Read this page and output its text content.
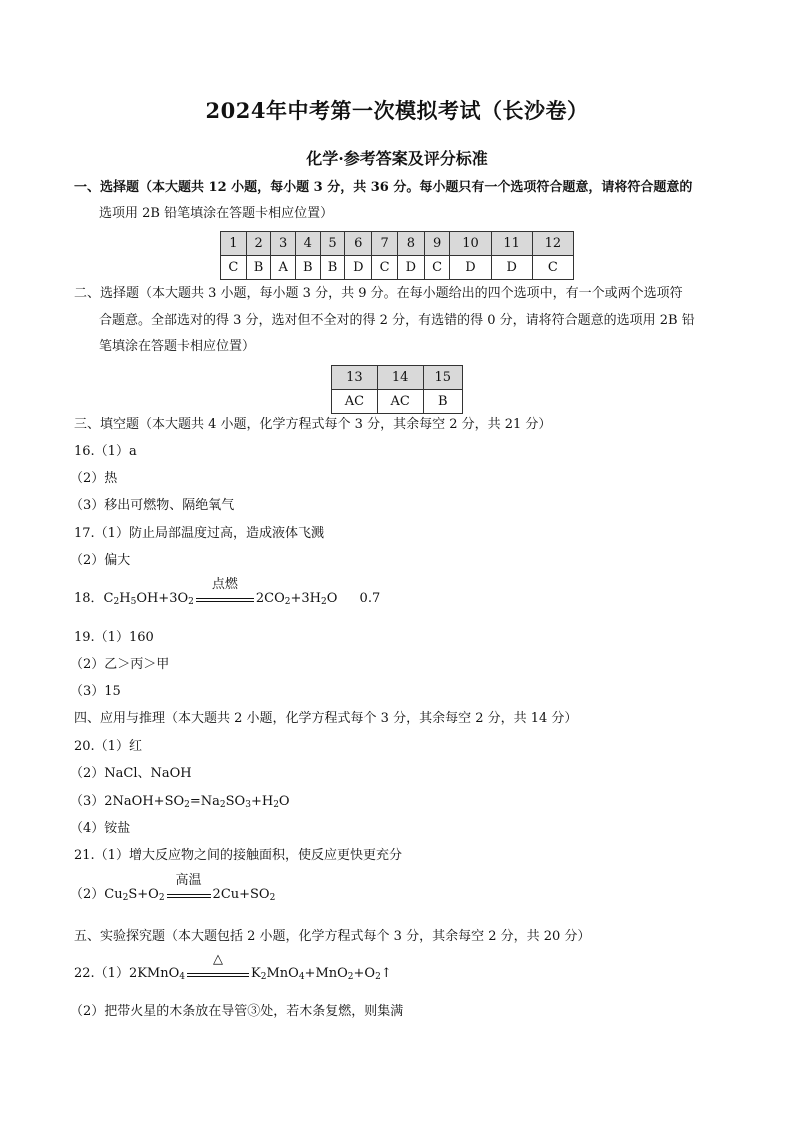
2024年中考第一次模拟考试（长沙卷）
化学·参考答案及评分标准
一、选择题（本大题共 12 小题，每小题 3 分，共 36 分。每小题只有一个选项符合题意，请将符合题意的
选项用 2B 铅笔填涂在答题卡相应位置）
1	2	3	4	5	6	7	8	9	10	11	12
C	B	A	B	B	D	C	D	C	D	D	C
二、选择题（本大题共 3 小题，每小题 3 分，共 9 分。在每小题给出的四个选项中，有一个或两个选项符
合题意。全部选对的得 3 分，选对但不全对的得 2 分，有选错的得 0 分，请将符合题意的选项用 2B 铅
笔填涂在答题卡相应位置）
13	14	15
AC	AC	B
三、填空题（本大题共 4 小题，化学方程式每个 3 分，其余每空 2 分，共 21 分）
16.（1）a
（2）热
（3）移出可燃物、隔绝氧气
17.（1）防止局部温度过高，造成液体飞溅
（2）偏大
18．$C_2H_5OH+3O_2$
点燃
$2CO_2+3H_2O$ 0.7
19.（1）160
（2）乙＞丙＞甲
（3）15
四、应用与推理（本大题共 2 小题，化学方程式每个 3 分，其余每空 2 分，共 14 分）
20.（1）红
（2）NaCl、NaOH
$(3)2NaOH+SO_2=Na_2SO_3+H_2O$
（4）铵盐
21.（1）增大反应物之间的接触面积，使反应更快更充分
$(2)Cu_2S+O_2$
高温
$2Cu+SO_2$
五、实验探究题（本大题包括 2 小题，化学方程式每个 3 分，其余每空 2 分，共 20 分）
22.（1）2KMnO$_4$
△
$K_2MnO_4+MnO_2+O_2↑$
（2）把带火星的木条放在导管③处，若木条复燃，则集满
